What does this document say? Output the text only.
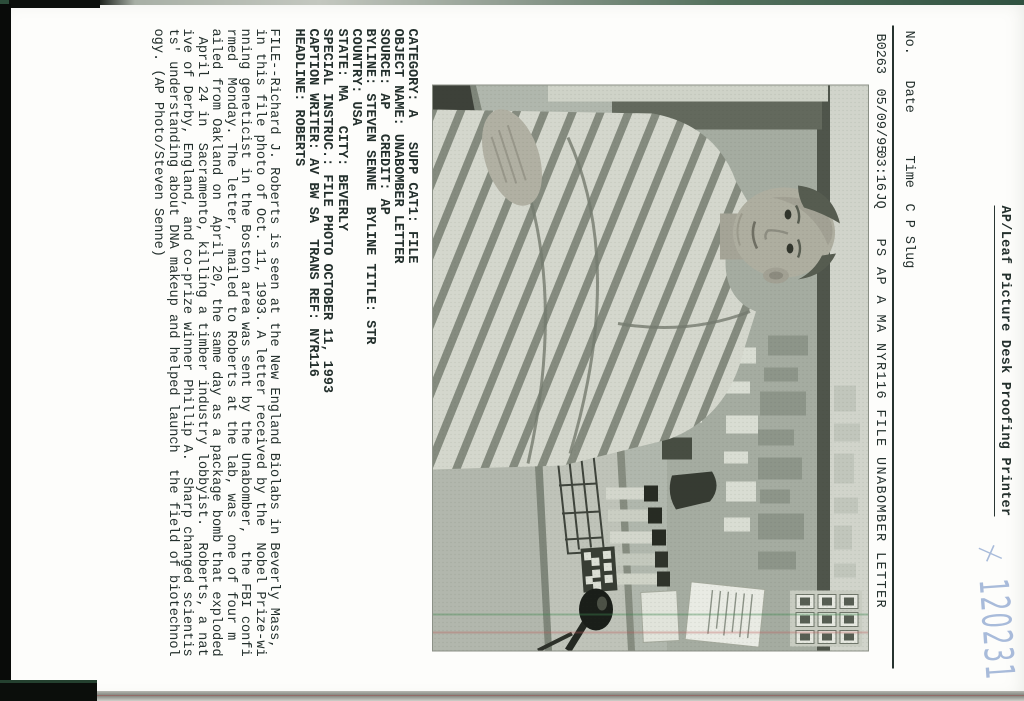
+ 120231
AP/Leaf Picture Desk Proofing Printer
No.
Date
Time
C P Slug
B0263
05/09/95
03:16
JQ
PS AP A MA NYR116 FILE UNABOMBER LETTER
CATEGORY: A   SUPP CAT1: FILE
OBJECT NAME: UNABOMBER LETTER
SOURCE: AP   CREDIT: AP
BYLINE: STEVEN SENNE  BYLINE TITLE: STR
COUNTRY: USA
STATE: MA   CITY: BEVERLY
SPECIAL INSTRUC.: FILE PHOTO OCTOBER 11, 1993
CAPTION WRITER: AV BW SA  TRANS REF: NYR116
HEADLINE: ROBERTS
FILE--Richard J. Roberts is seen at the New England Biolabs in Beverly Mass,
in this file photo of Oct. 11, 1993. A letter received by the  Nobel Prize-wi
nning geneticist in the Boston area was sent by the Unabomber,  the FBI confi
rmed  Monday. The letter,  mailed to Roberts at the lab, was  one of four m
ailed from Oakland on  April 20, the same day as a package bomb that exploded
April 24 in  Sacramento, killing a timber industry lobbyist.  Roberts, a nat
ive of Derby, England, and co-prize winner Phillip A.  Sharp changed scientis
ts' understanding about DNA makeup and helped launch  the field of biotechnol
ogy. (AP Photo/Steven Senne)
